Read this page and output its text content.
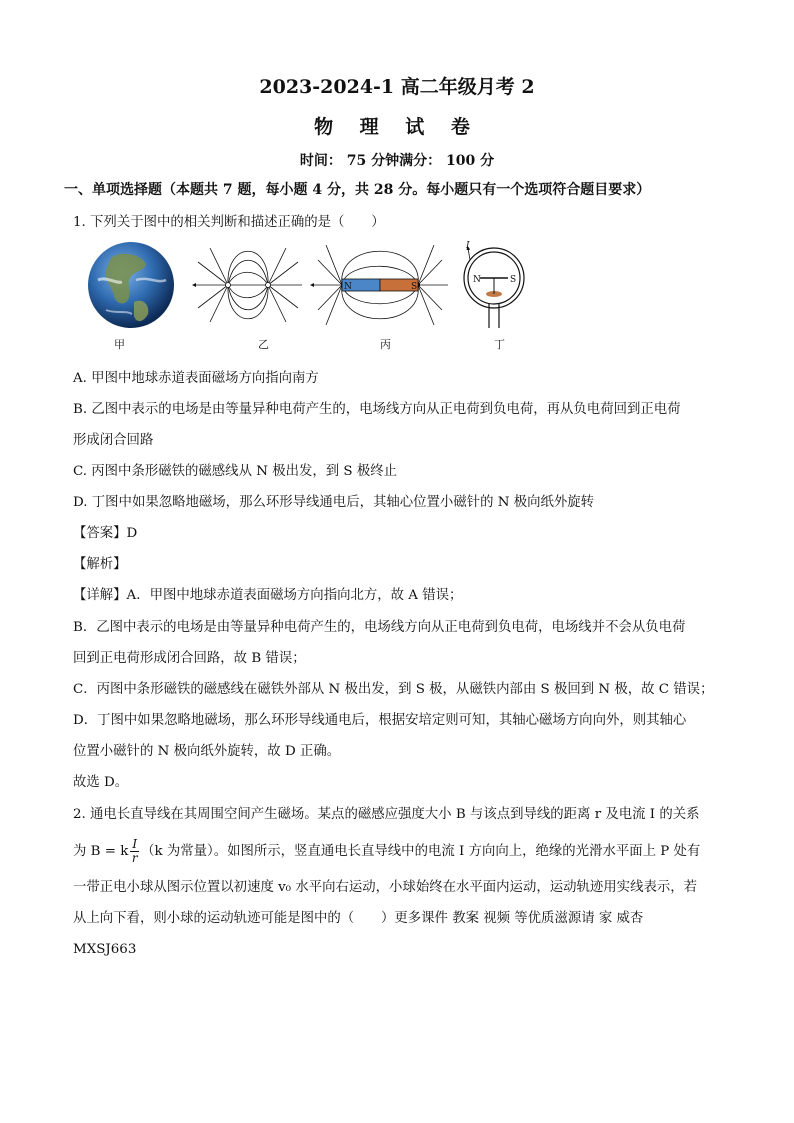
2023-2024-1 高二年级月考 2
物 理 试 卷
时间： 75 分钟满分： 100 分
一、单项选择题（本题共 7 题，每小题 4 分，共 28 分。每小题只有一个选项符合题目要求）
1. 下列关于图中的相关判断和描述正确的是（　　）
N	S
I
N	S
甲	乙	丙	丁
A. 甲图中地球赤道表面磁场方向指向南方
B. 乙图中表示的电场是由等量异种电荷产生的，电场线方向从正电荷到负电荷，再从负电荷回到正电荷
形成闭合回路
C. 丙图中条形磁铁的磁感线从 N 极出发，到 S 极终止
D. 丁图中如果忽略地磁场，那么环形导线通电后，其轴心位置小磁针的 N 极向纸外旋转
【答案】D
【解析】
【详解】A．甲图中地球赤道表面磁场方向指向北方，故 A 错误；
B．乙图中表示的电场是由等量异种电荷产生的，电场线方向从正电荷到负电荷，电场线并不会从负电荷
回到正电荷形成闭合回路，故 B 错误；
C．丙图中条形磁铁的磁感线在磁铁外部从 N 极出发，到 S 极，从磁铁内部由 S 极回到 N 极，故 C 错误；
D．丁图中如果忽略地磁场，那么环形导线通电后，根据安培定则可知，其轴心磁场方向向外，则其轴心
位置小磁针的 N 极向纸外旋转，故 D 正确。
故选 D。
2. 通电长直导线在其周围空间产生磁场。某点的磁感应强度大小 B 与该点到导线的距离 r 及电流 I 的关系
为 B = k $\frac{I}{r} (k$ 为常量）。如图所示，竖直通电长直导线中的电流 I 方向向上，绝缘的光滑水平面上 P 处有
一带正电小球从图示位置以初速度 v₀ 水平向右运动，小球始终在水平面内运动，运动轨迹用实线表示，若
从上向下看，则小球的运动轨迹可能是图中的（　　）更多课件 教案 视频 等优质滋源请 家 威杏
MXSJ663
